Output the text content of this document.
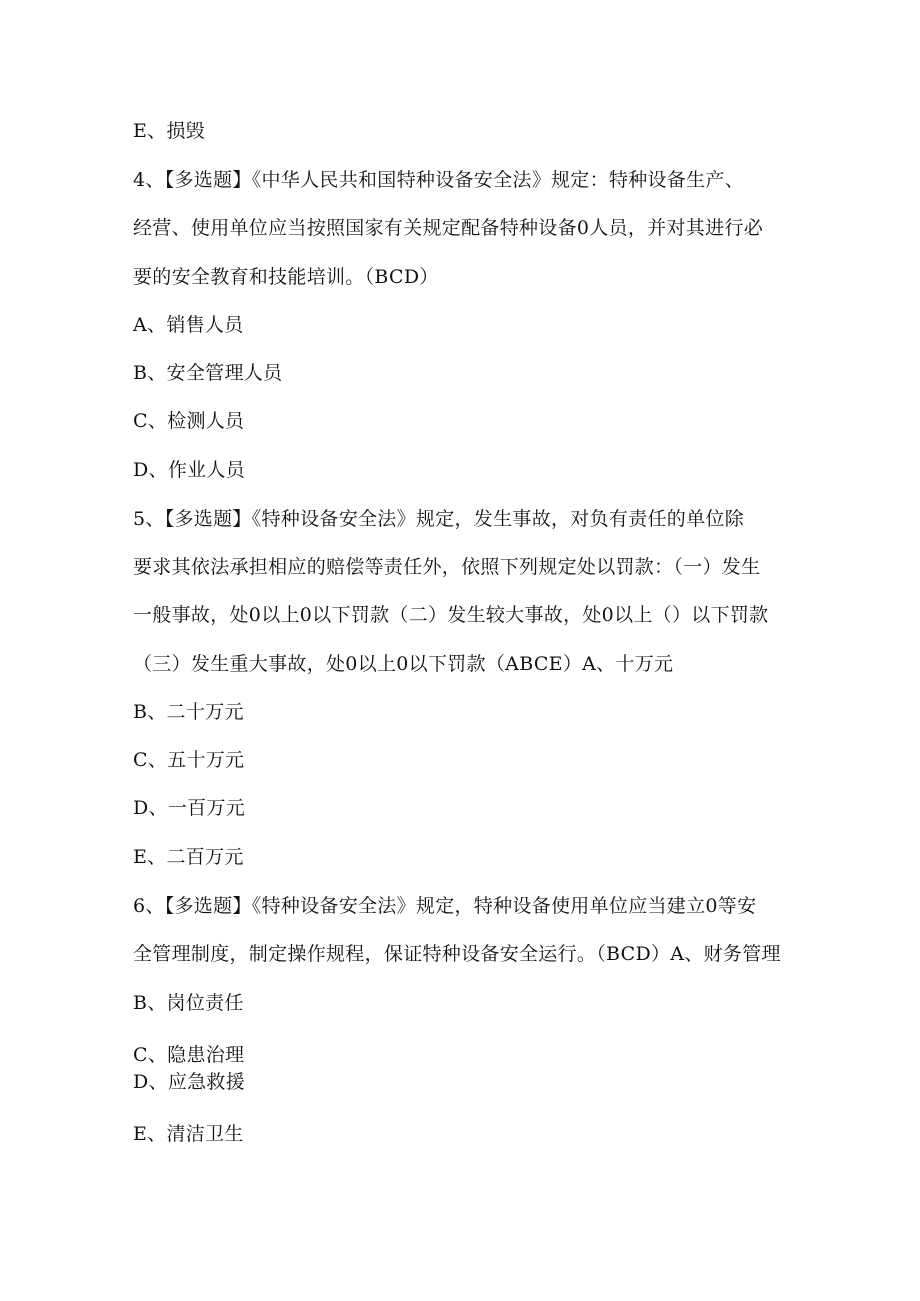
E、损毁
4、【多选题】《中华人民共和国特种设备安全法》规定：特种设备生产、
经营、使用单位应当按照国家有关规定配备特种设备0人员，并对其进行必
要的安全教育和技能培训。（BCD）
A、销售人员
B、安全管理人员
C、检测人员
D、作业人员
5、【多选题】《特种设备安全法》规定，发生事故，对负有责任的单位除
要求其依法承担相应的赔偿等责任外，依照下列规定处以罚款：（一）发生
一般事故，处0以上0以下罚款（二）发生较大事故，处0以上（）以下罚款
（三）发生重大事故，处0以上0以下罚款（ABCE）A、十万元
B、二十万元
C、五十万元
D、一百万元
E、二百万元
6、【多选题】《特种设备安全法》规定，特种设备使用单位应当建立0等安
全管理制度，制定操作规程，保证特种设备安全运行。（BCD）A、财务管理
B、岗位责任
C、隐患治理
D、应急救援
E、清洁卫生
